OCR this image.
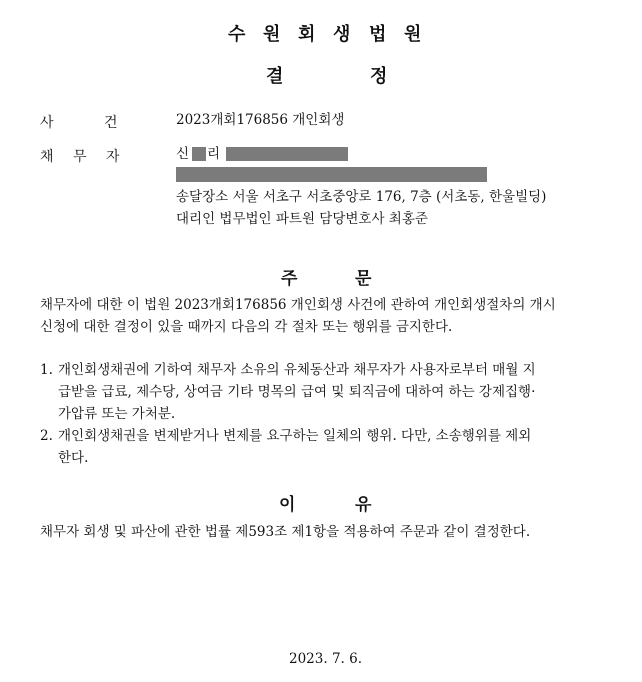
수 원 회 생 법 원
결	정
사	건	2023개회176856 개인회생
채 무 자	신 리
송달장소 서울 서초구 서초중앙로 176, 7층 (서초동, 한울빌딩)
대리인 법무법인 파트원 담당변호사 최홍준
주	문
채무자에 대한 이 법원 2023개회176856 개인회생 사건에 관하여 개인회생절차의 개시
신청에 대한 결정이 있을 때까지 다음의 각 절차 또는 행위를 금지한다.
1. 개인회생채권에 기하여 채무자 소유의 유체동산과 채무자가 사용자로부터 매월 지
급받을 급료, 제수당, 상여금 기타 명목의 급여 및 퇴직금에 대하여 하는 강제집행·
가압류 또는 가처분.
2. 개인회생채권을 변제받거나 변제를 요구하는 일체의 행위. 다만, 소송행위를 제외
한다.
이	유
채무자 회생 및 파산에 관한 법률 제593조 제1항을 적용하여 주문과 같이 결정한다.
2023. 7. 6.
